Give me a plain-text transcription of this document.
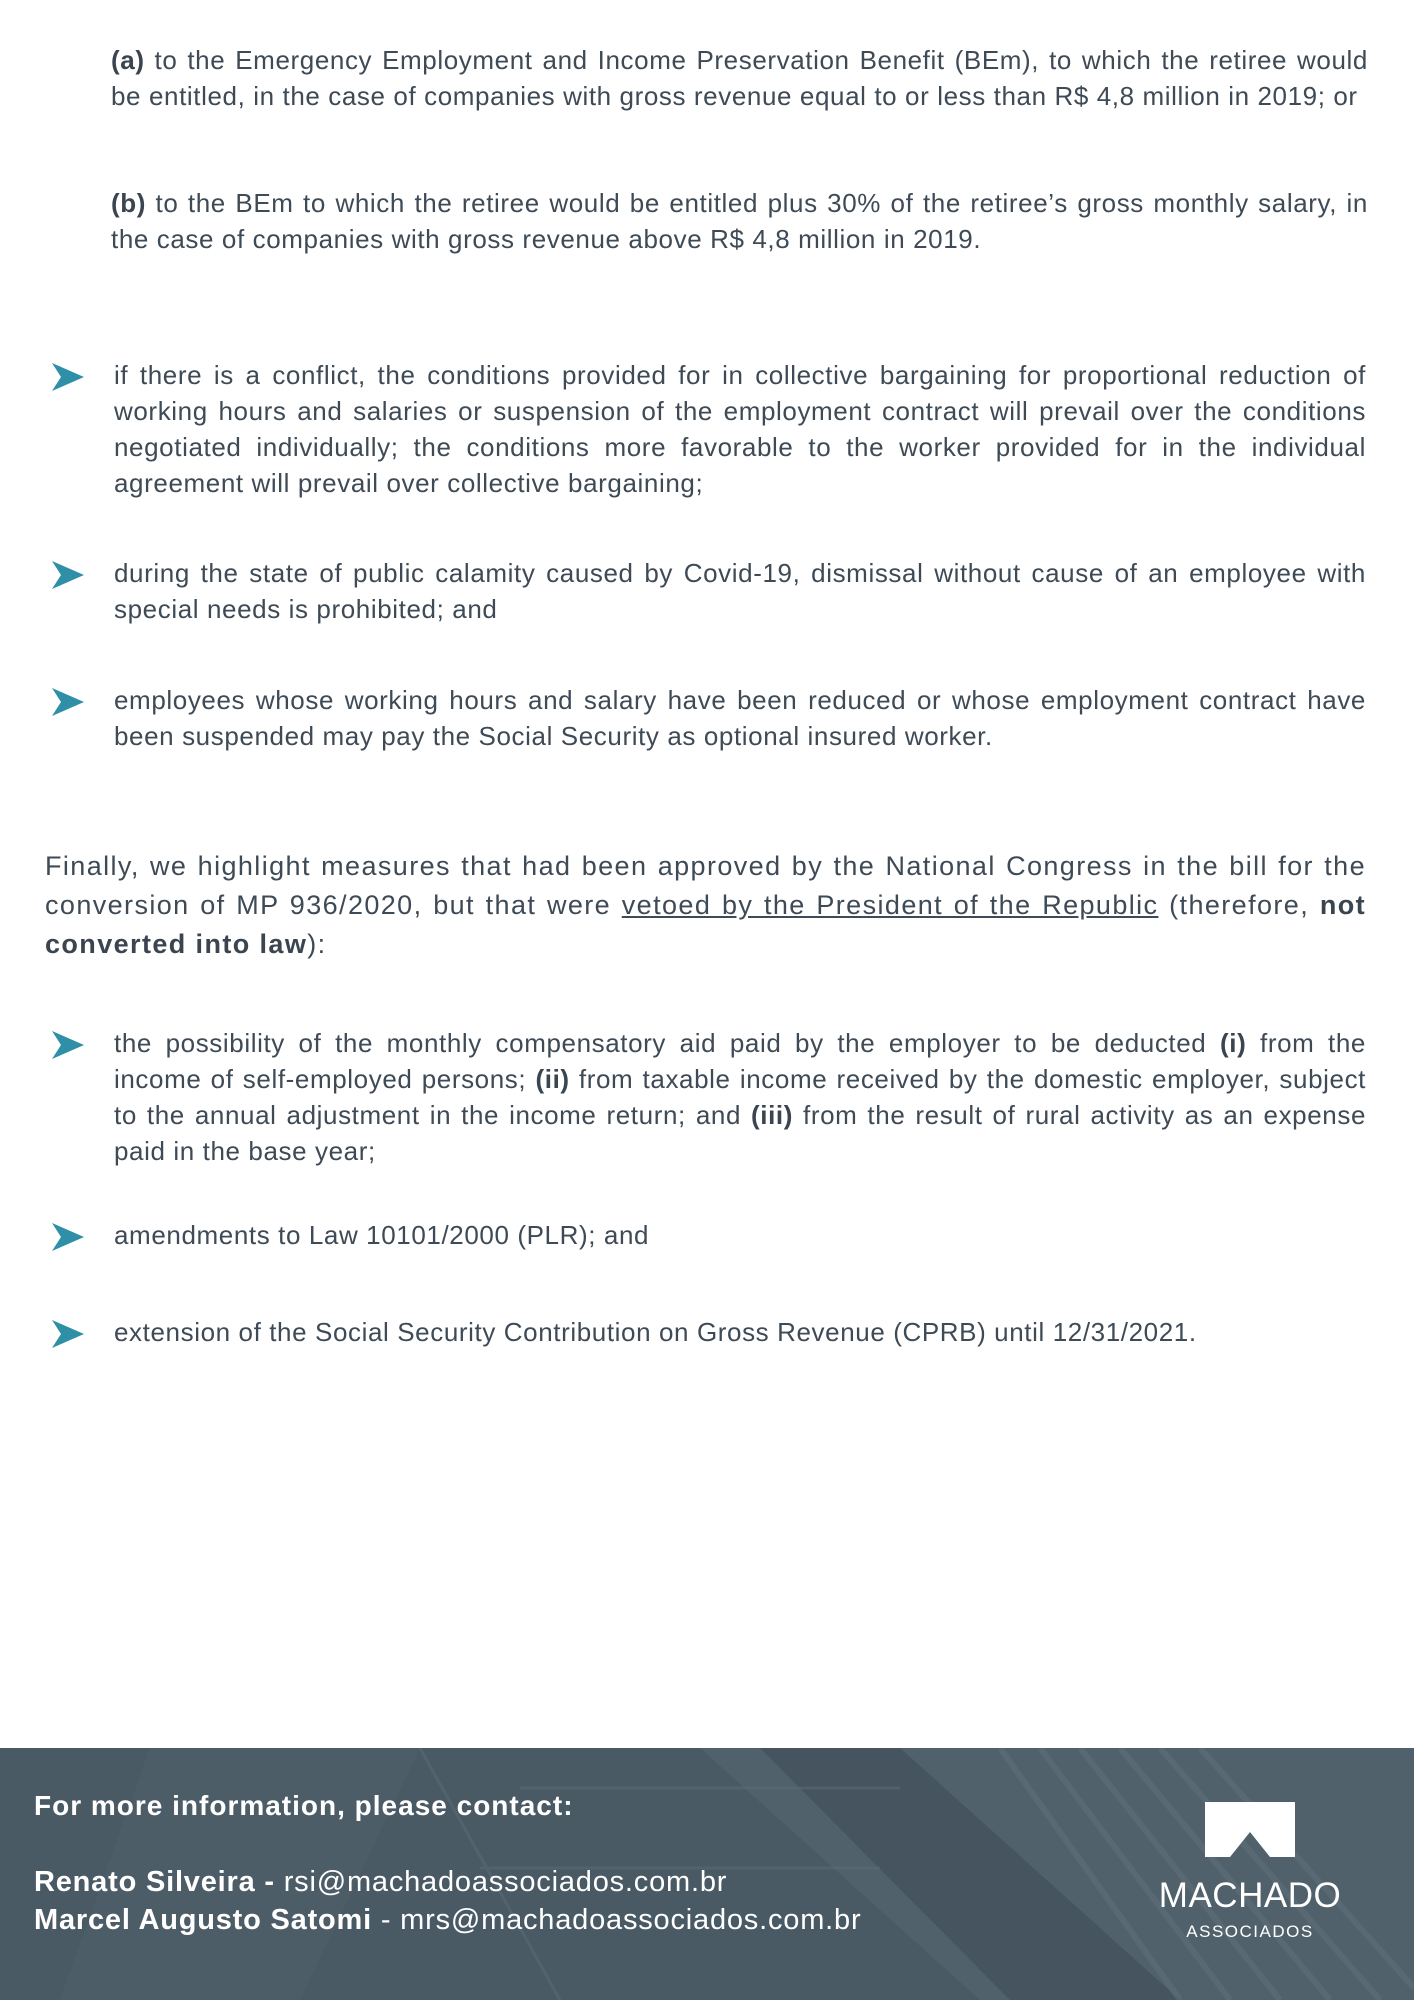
(a) to the Emergency Employment and Income Preservation Benefit (BEm), to which the retiree would be entitled, in the case of companies with gross revenue equal to or less than R$ 4,8 million in 2019; or
(b) to the BEm to which the retiree would be entitled plus 30% of the retiree’s gross monthly salary, in the case of companies with gross revenue above R$ 4,8 million in 2019.
if there is a conflict, the conditions provided for in collective bargaining for proportional reduction of working hours and salaries or suspension of the employment contract will prevail over the conditions negotiated individually; the conditions more favorable to the worker provided for in the individual agreement will prevail over collective bargaining;
during the state of public calamity caused by Covid-19, dismissal without cause of an employee with special needs is prohibited; and
employees whose working hours and salary have been reduced or whose employment contract have been suspended may pay the Social Security as optional insured worker.
Finally, we highlight measures that had been approved by the National Congress in the bill for the conversion of MP 936/2020, but that were vetoed by the President of the Republic (therefore, not converted into law):
the possibility of the monthly compensatory aid paid by the employer to be deducted (i) from the income of self-employed persons; (ii) from taxable income received by the domestic employer, subject to the annual adjustment in the income return; and (iii) from the result of rural activity as an expense paid in the base year;
amendments to Law 10101/2000 (PLR); and
extension of the Social Security Contribution on Gross Revenue (CPRB) until 12/31/2021.
For more information, please contact:
Renato Silveira - rsi@machadoassociados.com.br
Marcel Augusto Satomi - mrs@machadoassociados.com.br
MACHADO
ASSOCIADOS
